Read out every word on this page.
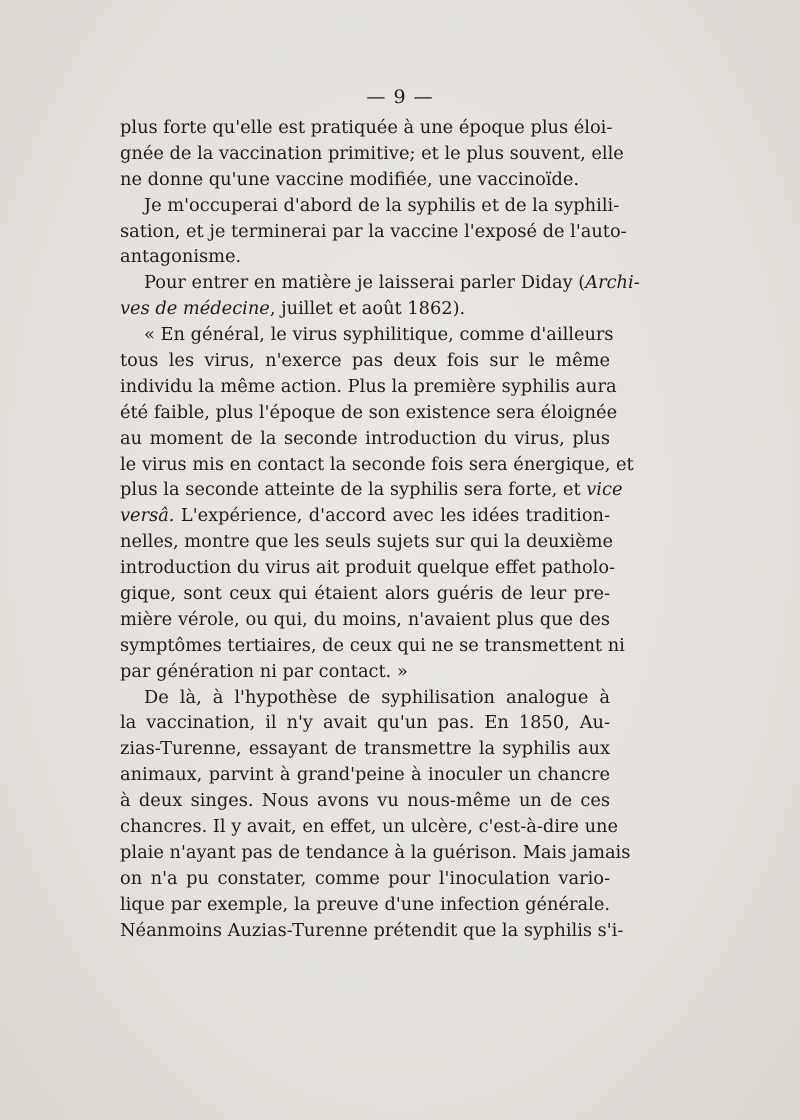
— 9 —
plus forte qu'elle est pratiquée à une époque plus éloi-
gnée de la vaccination primitive; et le plus souvent, elle
ne donne qu'une vaccine modifiée, une vaccinoïde.
Je m'occuperai d'abord de la syphilis et de la syphili-
sation, et je terminerai par la vaccine l'exposé de l'auto-
antagonisme.
Pour entrer en matière je laisserai parler Diday (Archi-
ves de médecine, juillet et août 1862).
« En général, le virus syphilitique, comme d'ailleurs
tous les virus, n'exerce pas deux fois sur le même
individu la même action. Plus la première syphilis aura
été faible, plus l'époque de son existence sera éloignée
au moment de la seconde introduction du virus, plus
le virus mis en contact la seconde fois sera énergique, et
plus la seconde atteinte de la syphilis sera forte, et vice
versâ. L'expérience, d'accord avec les idées tradition-
nelles, montre que les seuls sujets sur qui la deuxième
introduction du virus ait produit quelque effet patholo-
gique, sont ceux qui étaient alors guéris de leur pre-
mière vérole, ou qui, du moins, n'avaient plus que des
symptômes tertiaires, de ceux qui ne se transmettent ni
par génération ni par contact. »
De là, à l'hypothèse de syphilisation analogue à
la vaccination, il n'y avait qu'un pas. En 1850, Au-
zias-Turenne, essayant de transmettre la syphilis aux
animaux, parvint à grand'peine à inoculer un chancre
à deux singes. Nous avons vu nous-même un de ces
chancres. Il y avait, en effet, un ulcère, c'est-à-dire une
plaie n'ayant pas de tendance à la guérison. Mais jamais
on n'a pu constater, comme pour l'inoculation vario-
lique par exemple, la preuve d'une infection générale.
Néanmoins Auzias-Turenne prétendit que la syphilis s'i-
